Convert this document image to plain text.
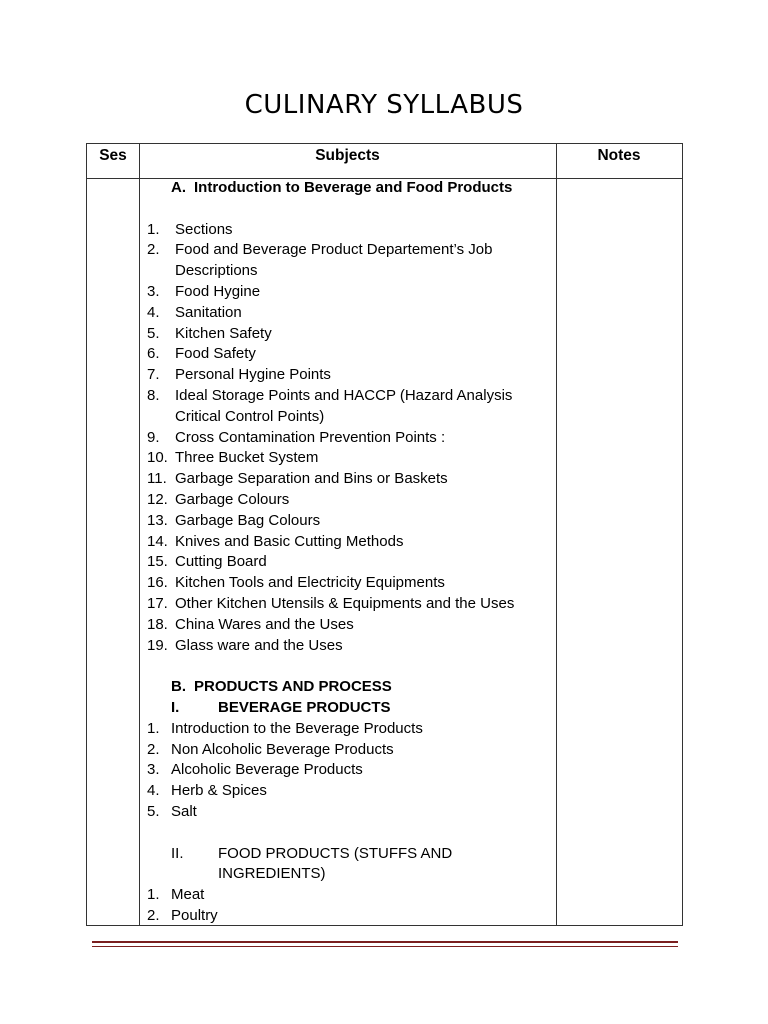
CULINARY SYLLABUS
Ses	Subjects	Notes
A. Introduction to Beverage and Food Products
1. Sections
2. Food and Beverage Product Departement’s Job
Descriptions
3. Food Hygine
4. Sanitation
5. Kitchen Safety
6. Food Safety
7. Personal Hygine Points
8. Ideal Storage Points and HACCP (Hazard Analysis
Critical Control Points)
9. Cross Contamination Prevention Points :
10. Three Bucket System
11. Garbage Separation and Bins or Baskets
12. Garbage Colours
13. Garbage Bag Colours
14. Knives and Basic Cutting Methods
15. Cutting Board
16. Kitchen Tools and Electricity Equipments
17. Other Kitchen Utensils & Equipments and the Uses
18. China Wares and the Uses
19. Glass ware and the Uses
B. PRODUCTS AND PROCESS
I.	BEVERAGE PRODUCTS
1. Introduction to the Beverage Products
2. Non Alcoholic Beverage Products
3. Alcoholic Beverage Products
4. Herb & Spices
5. Salt
II. FOOD PRODUCTS (STUFFS AND
INGREDIENTS)
1. Meat
2. Poultry
